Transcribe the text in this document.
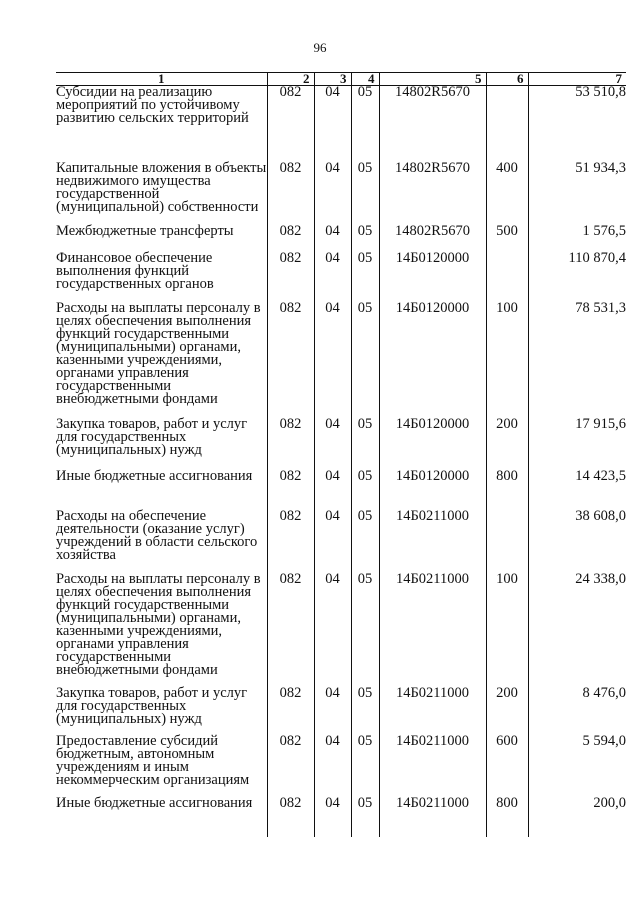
96
1	2	3	4	5	6	7
Субсидии на реализацию мероприятий по устойчивому развитию сельских территорий	082	04	05	14802R5670		53 510,8
Капитальные вложения в объекты недвижимого имущества государственной (муниципальной) собственности	082	04	05	14802R5670	400	51 934,3
Межбюджетные трансферты	082	04	05	14802R5670	500	1 576,5
Финансовое обеспечение выполнения функций государственных органов	082	04	05	14Б0120000		110 870,4
Расходы на выплаты персоналу в целях обеспечения выполнения функций государственными (муниципальными) органами, казенными учреждениями, органами управления государственными внебюджетными фондами	082	04	05	14Б0120000	100	78 531,3
Закупка товаров, работ и услуг для государственных (муниципальных) нужд	082	04	05	14Б0120000	200	17 915,6
Иные бюджетные ассигнования	082	04	05	14Б0120000	800	14 423,5
Расходы на обеспечение деятельности (оказание услуг) учреждений в области сельского хозяйства	082	04	05	14Б0211000		38 608,0
Расходы на выплаты персоналу в целях обеспечения выполнения функций государственными (муниципальными) органами, казенными учреждениями, органами управления государственными внебюджетными фондами	082	04	05	14Б0211000	100	24 338,0
Закупка товаров, работ и услуг для государственных (муниципальных) нужд	082	04	05	14Б0211000	200	8 476,0
Предоставление субсидий бюджетным, автономным учреждениям и иным некоммерческим организациям	082	04	05	14Б0211000	600	5 594,0
Иные бюджетные ассигнования	082	04	05	14Б0211000	800	200,0
